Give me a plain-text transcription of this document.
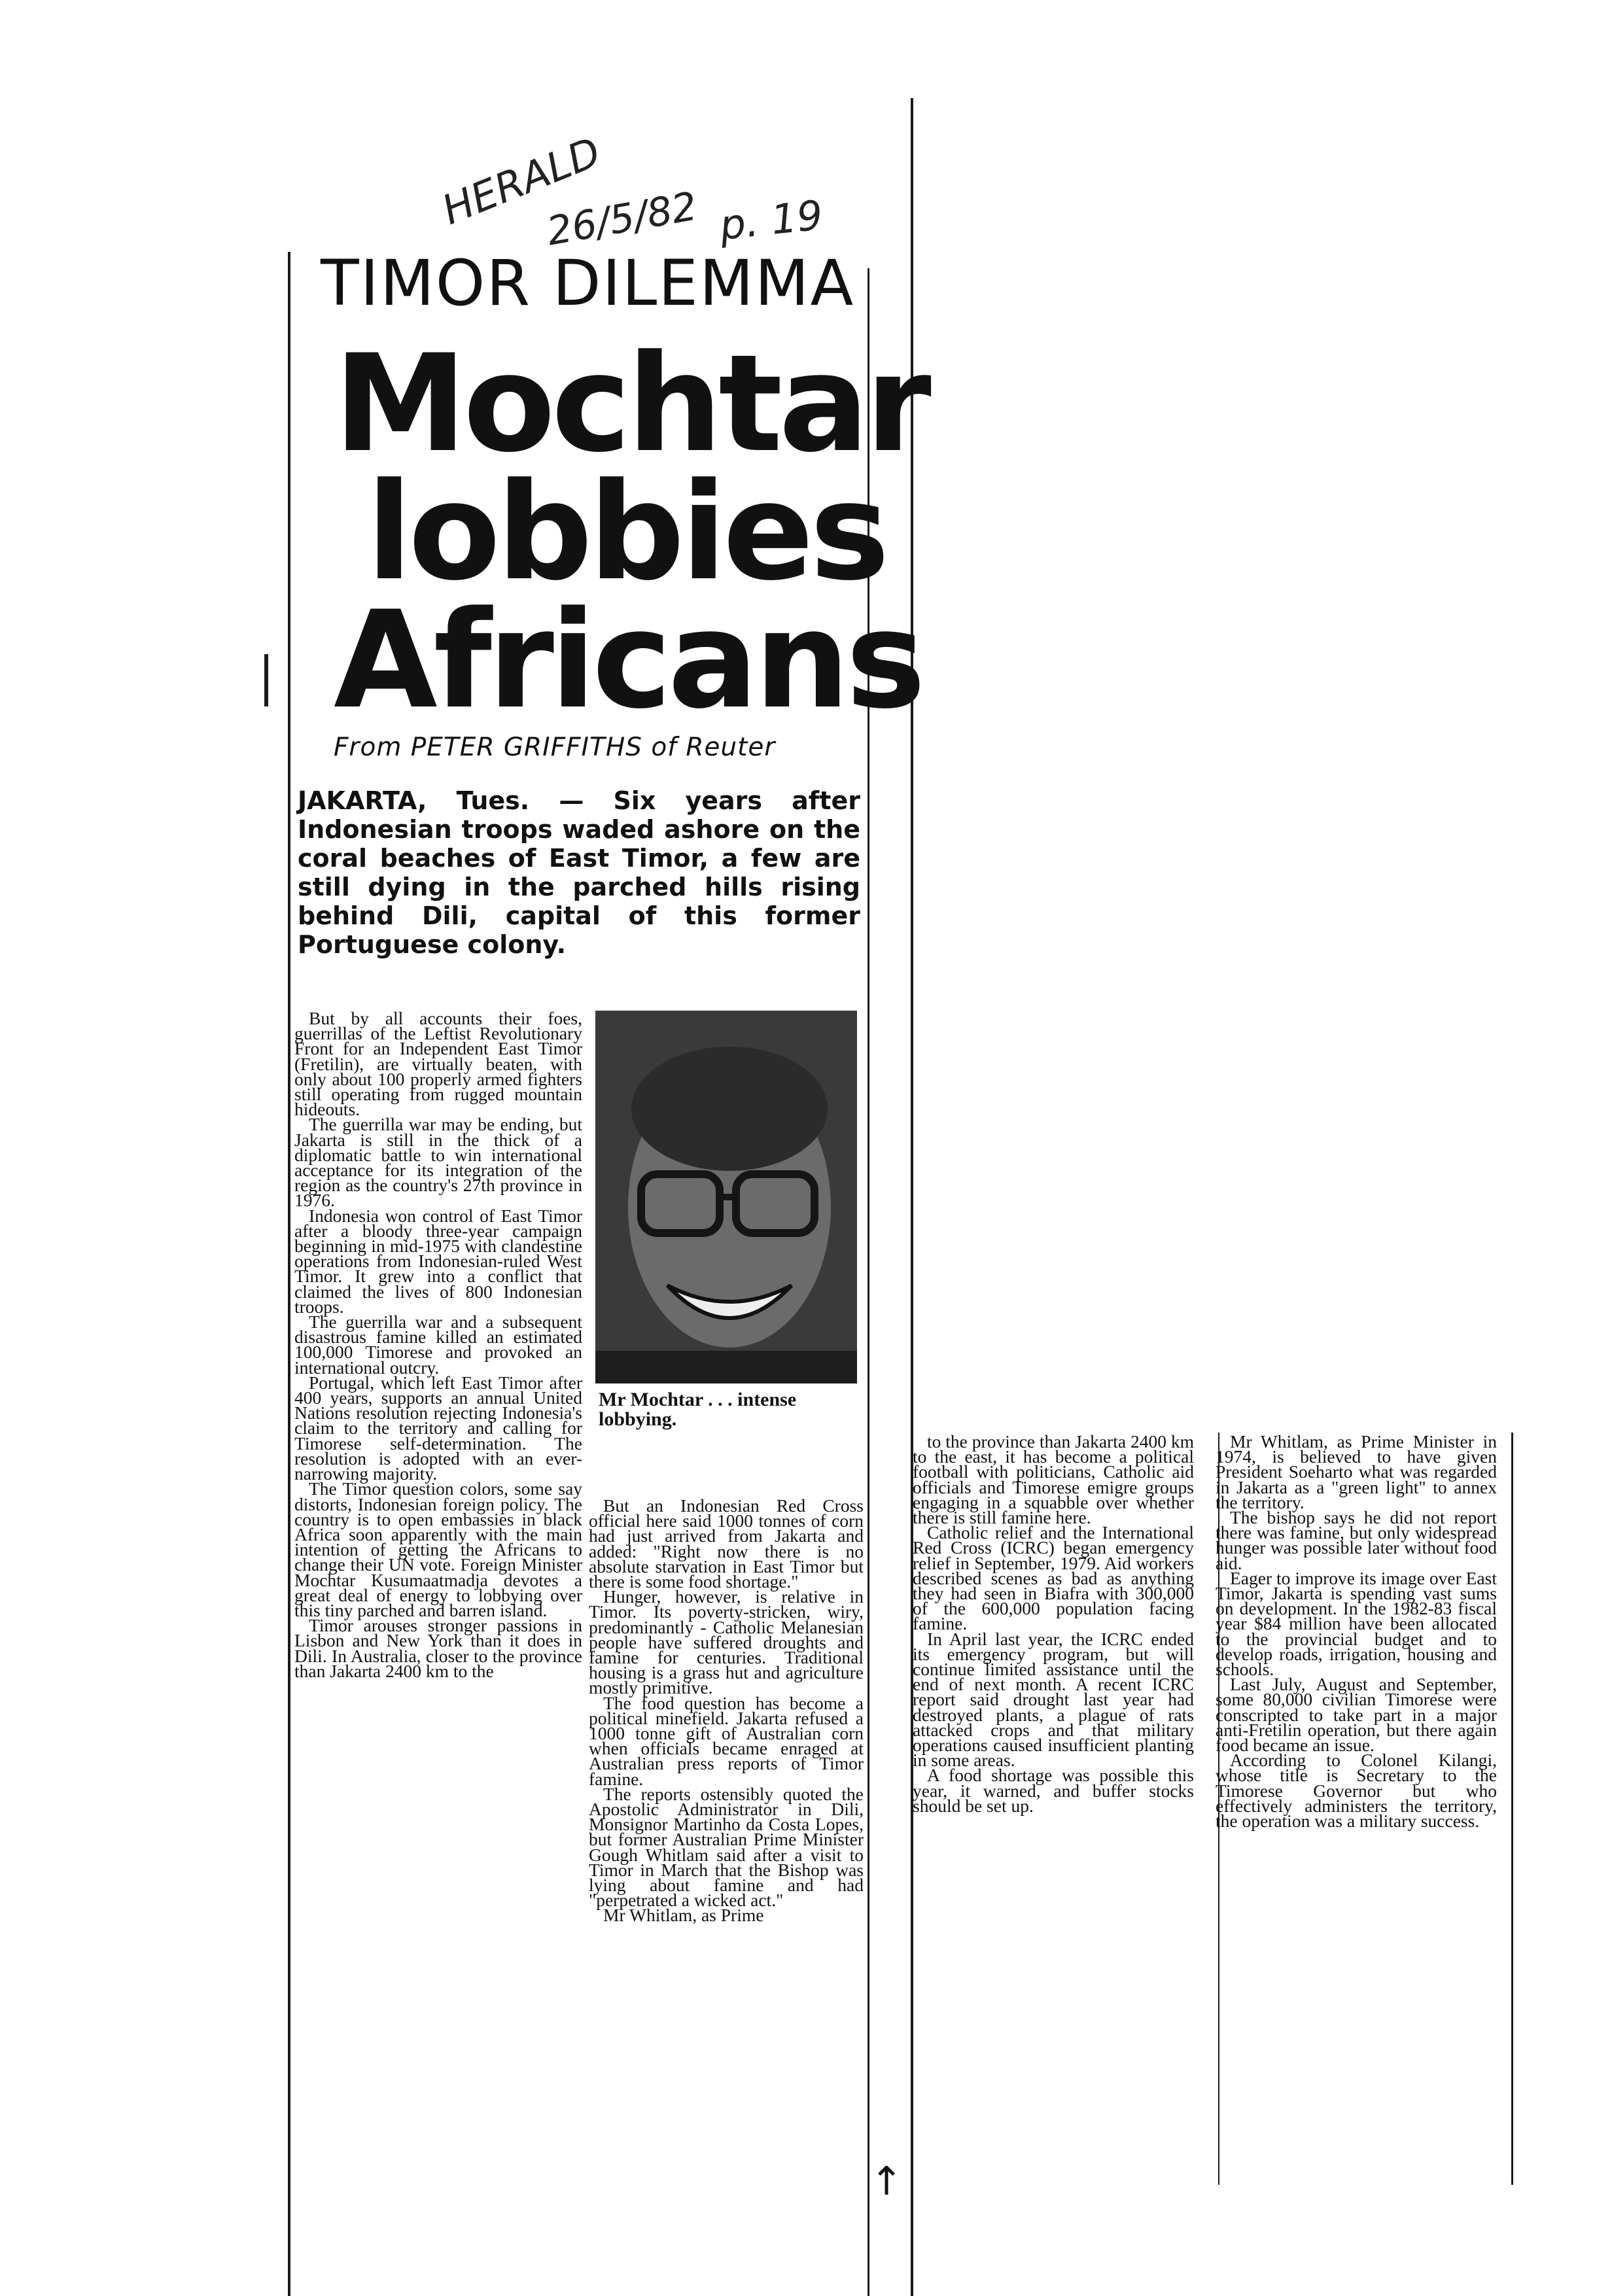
HERALD
26/5/82 p. 19
TIMOR DILEMMA
Mochtar
lobbies
Africans
From PETER GRIFFITHS of Reuter
JAKARTA, Tues. — Six years after Indonesian troops waded ashore on the coral beaches of East Timor, a few are still dying in the parched hills rising behind Dili, capital of this former Portuguese colony.
Mr Mochtar . . . intense lobbying.

But by all accounts their foes, guerrillas of the Leftist Revolutionary Front for an Independent East Timor (Fretilin), are virtually beaten, with only about 100 properly armed fighters still operating from rugged mountain hideouts.

The guerrilla war may be ending, but Jakarta is still in the thick of a diplomatic battle to win international acceptance for its integration of the region as the country's 27th province in 1976.

Indonesia won control of East Timor after a bloody three-year campaign beginning in mid-1975 with clandestine operations from Indonesian-ruled West Timor. It grew into a conflict that claimed the lives of 800 Indonesian troops.

The guerrilla war and a subsequent disastrous famine killed an estimated 100,000 Timorese and provoked an international outcry.

Portugal, which left East Timor after 400 years, supports an annual United Nations resolution rejecting Indonesia's claim to the territory and calling for Timorese self-determination. The resolution is adopted with an ever-narrowing majority.

The Timor question colors, some say distorts, Indonesian foreign policy. The country is to open embassies in black Africa soon apparently with the main intention of getting the Africans to change their UN vote. Foreign Minister Mochtar Kusumaatmadja devotes a great deal of energy to lobbying over this tiny parched and barren island.

Timor arouses stronger passions in Lisbon and New York than it does in Dili. In Australia, closer to the province than Jakarta 2400 km to the

But an Indonesian Red Cross official here said 1000 tonnes of corn had just arrived from Jakarta and added: "Right now there is no absolute starvation in East Timor but there is some food shortage."

Hunger, however, is relative in Timor. Its poverty-stricken, wiry, predominantly - Catholic Melanesian people have suffered droughts and famine for centuries. Traditional housing is a grass hut and agriculture mostly primitive.

The food question has become a political minefield. Jakarta refused a 1000 tonne gift of Australian corn when officials became enraged at Australian press reports of Timor famine.

The reports ostensibly quoted the Apostolic Administrator in Dili, Monsignor Martinho da Costa Lopes, but former Australian Prime Minister Gough Whitlam said after a visit to Timor in March that the Bishop was lying about famine and had "perpetrated a wicked act."

Mr Whitlam, as Prime

to the province than Jakarta 2400 km to the east, it has become a political football with politicians, Catholic aid officials and Timorese emigre groups engaging in a squabble over whether there is still famine here.

Catholic relief and the International Red Cross (ICRC) began emergency relief in September, 1979. Aid workers described scenes as bad as anything they had seen in Biafra with 300,000 of the 600,000 population facing famine.

In April last year, the ICRC ended its emergency program, but will continue limited assistance until the end of next month. A recent ICRC report said drought last year had destroyed plants, a plague of rats attacked crops and that military operations caused insufficient planting in some areas.

A food shortage was possible this year, it warned, and buffer stocks should be set up.

Mr Whitlam, as Prime Minister in 1974, is believed to have given President Soeharto what was regarded in Jakarta as a "green light" to annex the territory.

The bishop says he did not report there was famine, but only widespread hunger was possible later without food aid.

Eager to improve its image over East Timor, Jakarta is spending vast sums on development. In the 1982-83 fiscal year $84 million have been allocated to the provincial budget and to develop roads, irrigation, housing and schools.

Last July, August and September, some 80,000 civilian Timorese were conscripted to take part in a major anti-Fretilin operation, but there again food became an issue.

According to Colonel Kilangi, whose title is Secretary to the Timorese Governor but who effectively administers the territory, the operation was a military success.

↑
